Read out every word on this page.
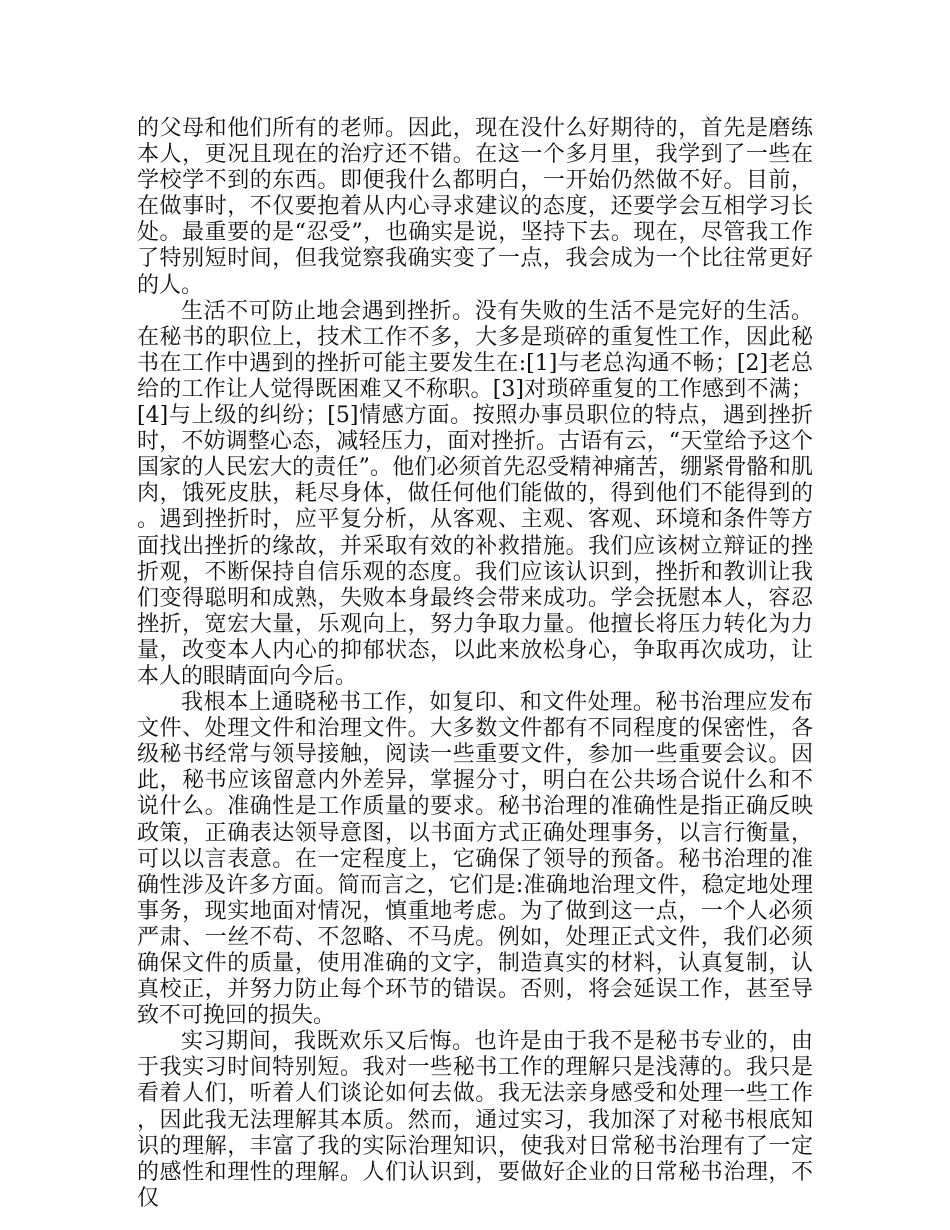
的父母和他们所有的老师。因此，现在没什么好期待的，首先是磨练本人，更况且现在的治疗还不错。在这一个多月里，我学到了一些在学校学不到的东西。即便我什么都明白，一开始仍然做不好。目前，在做事时，不仅要抱着从内心寻求建议的态度，还要学会互相学习长处。最重要的是“忍受”，也确实是说，坚持下去。现在，尽管我工作了特别短时间，但我觉察我确实变了一点，我会成为一个比往常更好的人。

生活不可防止地会遇到挫折。没有失败的生活不是完好的生活。在秘书的职位上，技术工作不多，大多是琐碎的重复性工作，因此秘书在工作中遇到的挫折可能主要发生在:[1]与老总沟通不畅；[2]老总给的工作让人觉得既困难又不称职。[3]对琐碎重复的工作感到不满；[4]与上级的纠纷；[5]情感方面。按照办事员职位的特点，遇到挫折时，不妨调整心态，减轻压力，面对挫折。古语有云，“天堂给予这个国家的人民宏大的责任”。他们必须首先忍受精神痛苦，绷紧骨骼和肌肉，饿死皮肤，耗尽身体，做任何他们能做的，得到他们不能得到的。遇到挫折时，应平复分析，从客观、主观、客观、环境和条件等方面找出挫折的缘故，并采取有效的补救措施。我们应该树立辩证的挫折观，不断保持自信乐观的态度。我们应该认识到，挫折和教训让我们变得聪明和成熟，失败本身最终会带来成功。学会抚慰本人，容忍挫折，宽宏大量，乐观向上，努力争取力量。他擅长将压力转化为力量，改变本人内心的抑郁状态，以此来放松身心，争取再次成功，让本人的眼睛面向今后。

我根本上通晓秘书工作，如复印、和文件处理。秘书治理应发布文件、处理文件和治理文件。大多数文件都有不同程度的保密性，各级秘书经常与领导接触，阅读一些重要文件，参加一些重要会议。因此，秘书应该留意内外差异，掌握分寸，明白在公共场合说什么和不说什么。准确性是工作质量的要求。秘书治理的准确性是指正确反映政策，正确表达领导意图，以书面方式正确处理事务，以言行衡量，可以以言表意。在一定程度上，它确保了领导的预备。秘书治理的准确性涉及许多方面。简而言之，它们是:准确地治理文件，稳定地处理事务，现实地面对情况，慎重地考虑。为了做到这一点，一个人必须严肃、一丝不苟、不忽略、不马虎。例如，处理正式文件，我们必须确保文件的质量，使用准确的文字，制造真实的材料，认真复制，认真校正，并努力防止每个环节的错误。否则，将会延误工作，甚至导致不可挽回的损失。

实习期间，我既欢乐又后悔。也许是由于我不是秘书专业的，由于我实习时间特别短。我对一些秘书工作的理解只是浅薄的。我只是看着人们，听着人们谈论如何去做。我无法亲身感受和处理一些工作，因此我无法理解其本质。然而，通过实习，我加深了对秘书根底知识的理解，丰富了我的实际治理知识，使我对日常秘书治理有了一定的感性和理性的理解。人们认识到，要做好企业的日常秘书治理，不仅
